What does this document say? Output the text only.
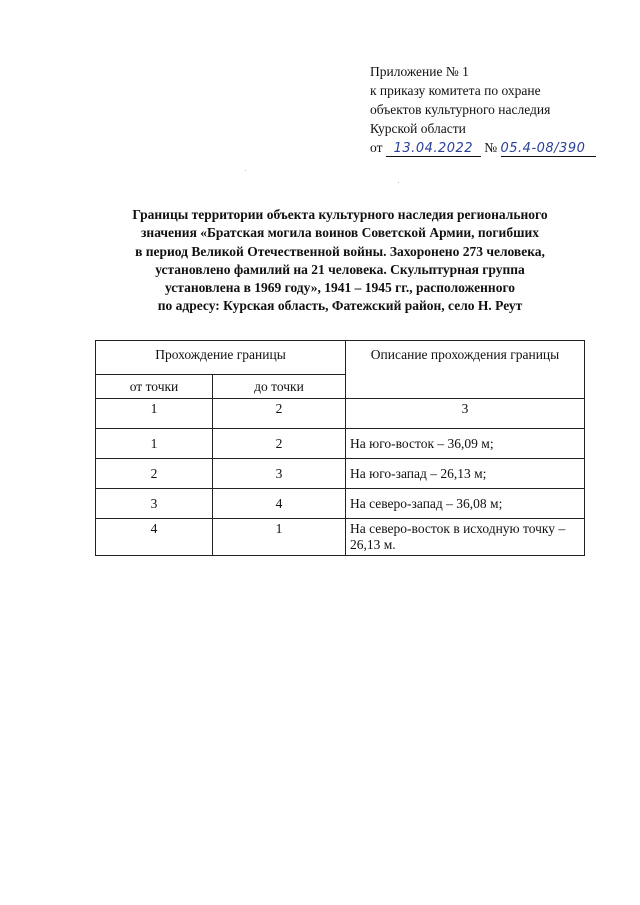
Приложение № 1
к приказу комитета по охране
объектов культурного наследия
Курской области
от 13.04.2022 № 05.4-08/390
Границы территории объекта культурного наследия регионального
значения «Братская могила воинов Советской Армии, погибших
в период Великой Отечественной войны. Захоронено 273 человека,
установлено фамилий на 21 человека. Скульптурная группа
установлена в 1969 году», 1941 – 1945 гг., расположенного
по адресу: Курская область, Фатежский район, село Н. Реут
Прохождение границы		Описание прохождения границы
от точки	до точки	
1	2	3
1	2	На юго-восток – 36,09 м;
2	3	На юго-запад – 26,13 м;
3	4	На северо-запад – 36,08 м;
4	1	На северо-восток в исходную точку – 26,13 м.
